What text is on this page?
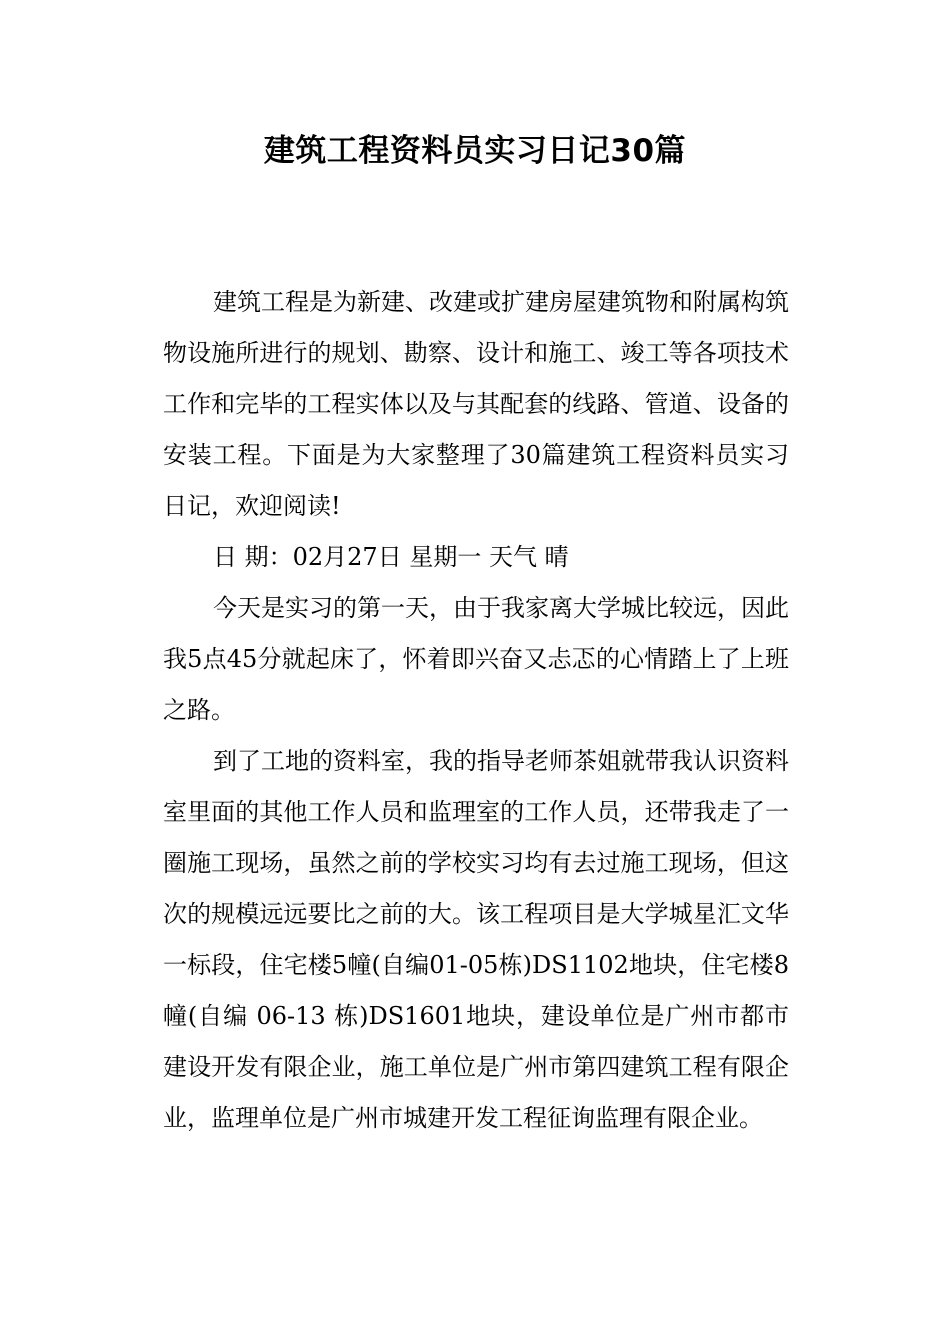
建筑工程资料员实习日记30篇

建筑工程是为新建、改建或扩建房屋建筑物和附属构筑物设施所进行的规划、勘察、设计和施工、竣工等各项技术工作和完毕的工程实体以及与其配套的线路、管道、设备的安装工程。下面是为大家整理了30篇建筑工程资料员实习日记，欢迎阅读!

日 期：02月27日 星期一 天气 晴

今天是实习的第一天，由于我家离大学城比较远，因此我5点45分就起床了，怀着即兴奋又忐忑的心情踏上了上班之路。

到了工地的资料室，我的指导老师茶姐就带我认识资料室里面的其他工作人员和监理室的工作人员，还带我走了一圈施工现场，虽然之前的学校实习均有去过施工现场，但这次的规模远远要比之前的大。该工程项目是大学城星汇文华一标段，住宅楼5幢(自编01-05栋)DS1102地块，住宅楼8幢(自编 06-13 栋)DS1601地块，建设单位是广州市都市建设开发有限企业，施工单位是广州市第四建筑工程有限企业，监理单位是广州市城建开发工程征询监理有限企业。
